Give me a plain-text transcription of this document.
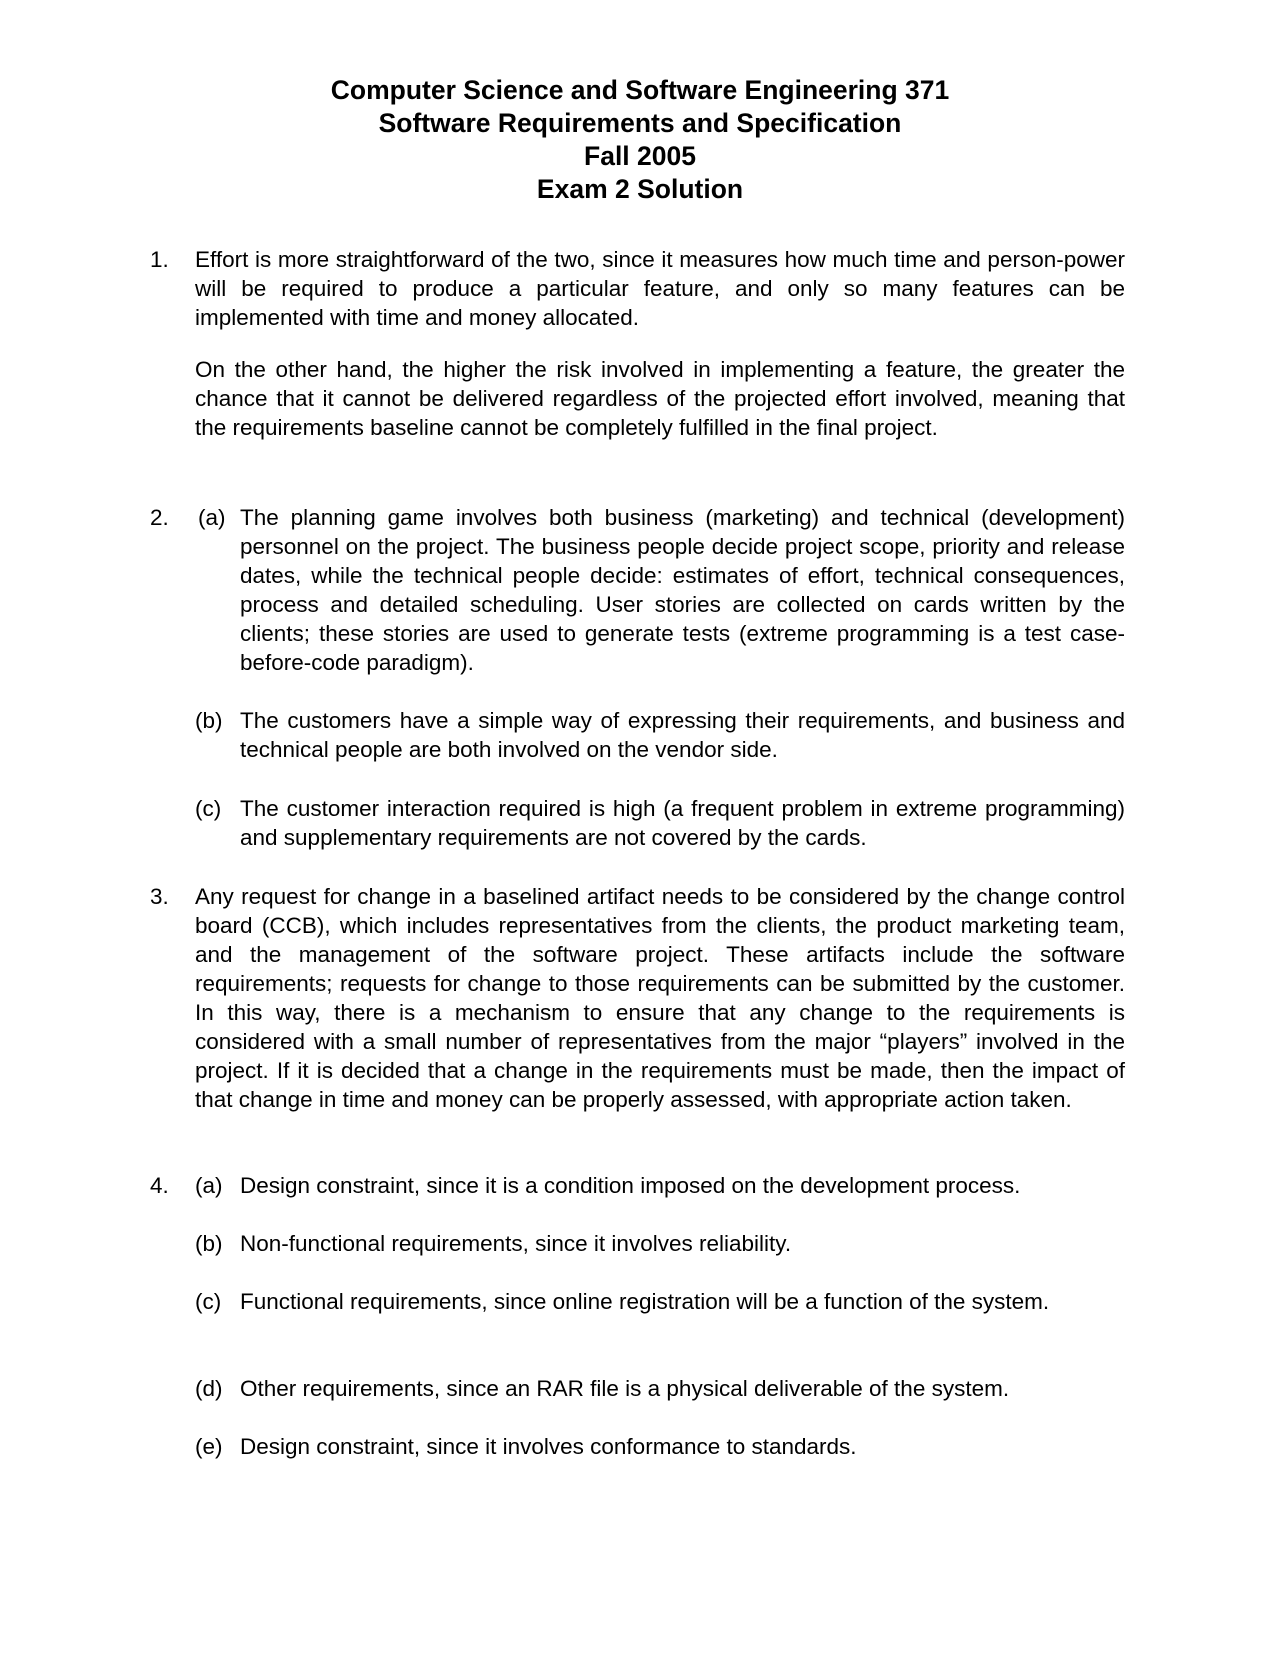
Computer Science and Software Engineering 371
Software Requirements and Specification
Fall 2005
Exam 2 Solution
1.	Effort is more straightforward of the two, since it measures how much time and person-power will be required to produce a particular feature, and only so many features can be implemented with time and money allocated.
On the other hand, the higher the risk involved in implementing a feature, the greater the chance that it cannot be delivered regardless of the projected effort involved, meaning that the requirements baseline cannot be completely fulfilled in the final project.
2.	(a) The planning game involves both business (marketing) and technical (development) personnel on the project. The business people decide project scope, priority and release dates, while the technical people decide: estimates of effort, technical consequences, process and detailed scheduling. User stories are collected on cards written by the clients; these stories are used to generate tests (extreme programming is a test case-before-code paradigm).
(b) The customers have a simple way of expressing their requirements, and business and technical people are both involved on the vendor side.
(c) The customer interaction required is high (a frequent problem in extreme programming) and supplementary requirements are not covered by the cards.
3.	Any request for change in a baselined artifact needs to be considered by the change control board (CCB), which includes representatives from the clients, the product marketing team, and the management of the software project. These artifacts include the software requirements; requests for change to those requirements can be submitted by the customer. In this way, there is a mechanism to ensure that any change to the requirements is considered with a small number of representatives from the major “players” involved in the project. If it is decided that a change in the requirements must be made, then the impact of that change in time and money can be properly assessed, with appropriate action taken.
4.	(a) Design constraint, since it is a condition imposed on the development process.
(b) Non-functional requirements, since it involves reliability.
(c) Functional requirements, since online registration will be a function of the system.
(d) Other requirements, since an RAR file is a physical deliverable of the system.
(e) Design constraint, since it involves conformance to standards.
